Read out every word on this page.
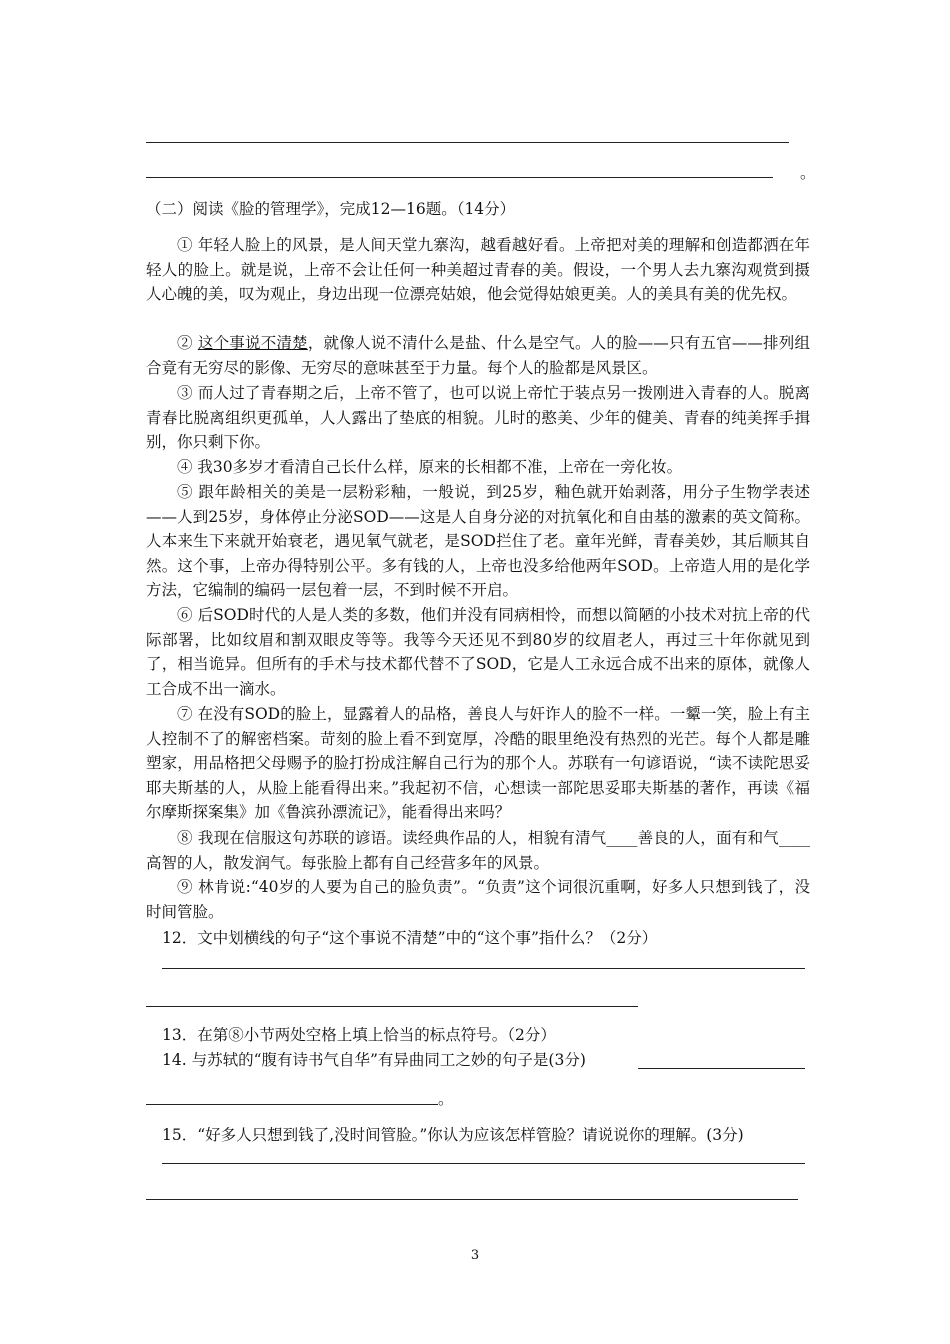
。
（二）阅读《脸的管理学》，完成12—16题。（14分）
① 年轻人脸上的风景，是人间天堂九寨沟，越看越好看。上帝把对美的理解和创造都洒在年轻人的脸上。就是说，上帝不会让任何一种美超过青春的美。假设，一个男人去九寨沟观赏到摄人心魄的美，叹为观止，身边出现一位漂亮姑娘，他会觉得姑娘更美。人的美具有美的优先权。
② 这个事说不清楚，就像人说不清什么是盐、什么是空气。人的脸——只有五官——排列组合竟有无穷尽的影像、无穷尽的意味甚至于力量。每个人的脸都是风景区。
③ 而人过了青春期之后，上帝不管了，也可以说上帝忙于装点另一拨刚进入青春的人。脱离青春比脱离组织更孤单，人人露出了垫底的相貌。儿时的憨美、少年的健美、青春的纯美挥手揖别，你只剩下你。
④ 我30多岁才看清自己长什么样，原来的长相都不准，上帝在一旁化妆。
⑤ 跟年龄相关的美是一层粉彩釉，一般说，到25岁，釉色就开始剥落，用分子生物学表述——人到25岁，身体停止分泌SOD——这是人自身分泌的对抗氧化和自由基的激素的英文简称。人本来生下来就开始衰老，遇见氧气就老，是SOD拦住了老。童年光鲜，青春美妙，其后顺其自然。这个事，上帝办得特别公平。多有钱的人，上帝也没多给他两年SOD。上帝造人用的是化学方法，它编制的编码一层包着一层，不到时候不开启。
⑥ 后SOD时代的人是人类的多数，他们并没有同病相怜，而想以简陋的小技术对抗上帝的代际部署，比如纹眉和割双眼皮等等。我等今天还见不到80岁的纹眉老人，再过三十年你就见到了，相当诡异。但所有的手术与技术都代替不了SOD，它是人工永远合成不出来的原体，就像人工合成不出一滴水。
⑦ 在没有SOD的脸上，显露着人的品格，善良人与奸诈人的脸不一样。一颦一笑，脸上有主人控制不了的解密档案。苛刻的脸上看不到宽厚，冷酷的眼里绝没有热烈的光芒。每个人都是雕塑家，用品格把父母赐予的脸打扮成注解自己行为的那个人。苏联有一句谚语说，“读不读陀思妥耶夫斯基的人，从脸上能看得出来。”我起初不信，心想读一部陀思妥耶夫斯基的著作，再读《福尔摩斯探案集》加《鲁滨孙漂流记》，能看得出来吗？
⑧ 我现在信服这句苏联的谚语。读经典作品的人，相貌有清气____善良的人，面有和气____高智的人，散发润气。每张脸上都有自己经营多年的风景。
⑨ 林肯说:“40岁的人要为自己的脸负责”。“负责”这个词很沉重啊，好多人只想到钱了，没时间管脸。
12．文中划横线的句子“这个事说不清楚”中的“这个事”指什么？（2分）
13．在第⑧小节两处空格上填上恰当的标点符号。（2分）
14. 与苏轼的“腹有诗书气自华”有异曲同工之妙的句子是(3分)
。
15．“好多人只想到钱了,没时间管脸。”你认为应该怎样管脸？请说说你的理解。(3分)
3
